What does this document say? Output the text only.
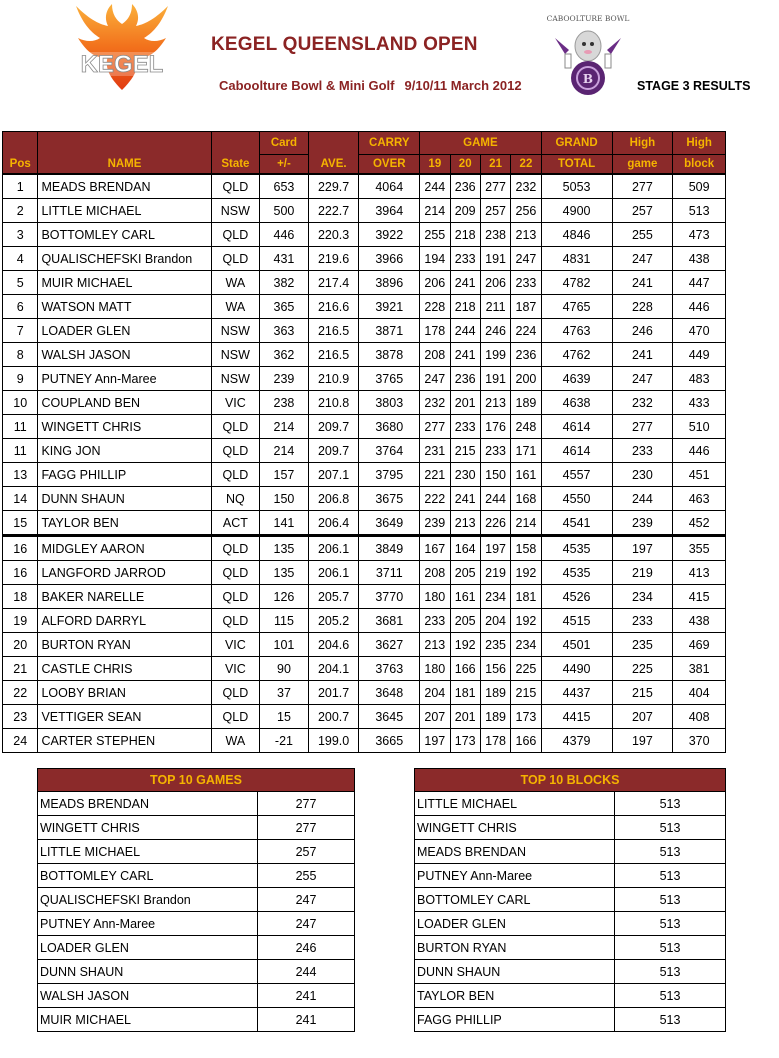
KEGEL
CABOOLTURE BOWL
B
KEGEL QUEENSLAND OPEN
Caboolture Bowl & Mini Golf 9/10/11 March 2012	STAGE 3 RESULTS
Pos	NAME	State	Card	AVE.	CARRY	GAME				GRAND	High	High
			+/-		OVER	19	20	21	22	TOTAL	game	block
1	MEADS BRENDAN	QLD	653	229.7	4064	244	236	277	232	5053	277	509
2	LITTLE MICHAEL	NSW	500	222.7	3964	214	209	257	256	4900	257	513
3	BOTTOMLEY CARL	QLD	446	220.3	3922	255	218	238	213	4846	255	473
4	QUALISCHEFSKI Brandon	QLD	431	219.6	3966	194	233	191	247	4831	247	438
5	MUIR MICHAEL	WA	382	217.4	3896	206	241	206	233	4782	241	447
6	WATSON MATT	WA	365	216.6	3921	228	218	211	187	4765	228	446
7	LOADER GLEN	NSW	363	216.5	3871	178	244	246	224	4763	246	470
8	WALSH JASON	NSW	362	216.5	3878	208	241	199	236	4762	241	449
9	PUTNEY Ann-Maree	NSW	239	210.9	3765	247	236	191	200	4639	247	483
10	COUPLAND BEN	VIC	238	210.8	3803	232	201	213	189	4638	232	433
11	WINGETT CHRIS	QLD	214	209.7	3680	277	233	176	248	4614	277	510
11	KING JON	QLD	214	209.7	3764	231	215	233	171	4614	233	446
13	FAGG PHILLIP	QLD	157	207.1	3795	221	230	150	161	4557	230	451
14	DUNN SHAUN	NQ	150	206.8	3675	222	241	244	168	4550	244	463
15	TAYLOR BEN	ACT	141	206.4	3649	239	213	226	214	4541	239	452
16	MIDGLEY AARON	QLD	135	206.1	3849	167	164	197	158	4535	197	355
16	LANGFORD JARROD	QLD	135	206.1	3711	208	205	219	192	4535	219	413
18	BAKER NARELLE	QLD	126	205.7	3770	180	161	234	181	4526	234	415
19	ALFORD DARRYL	QLD	115	205.2	3681	233	205	204	192	4515	233	438
20	BURTON RYAN	VIC	101	204.6	3627	213	192	235	234	4501	235	469
21	CASTLE CHRIS	VIC	90	204.1	3763	180	166	156	225	4490	225	381
22	LOOBY BRIAN	QLD	37	201.7	3648	204	181	189	215	4437	215	404
23	VETTIGER SEAN	QLD	15	200.7	3645	207	201	189	173	4415	207	408
24	CARTER STEPHEN	WA	-21	199.0	3665	197	173	178	166	4379	197	370
TOP 10 GAMES	
MEADS BRENDAN	277
WINGETT CHRIS	277
LITTLE MICHAEL	257
BOTTOMLEY CARL	255
QUALISCHEFSKI Brandon	247
PUTNEY Ann-Maree	247
LOADER GLEN	246
DUNN SHAUN	244
WALSH JASON	241
MUIR MICHAEL	241
TOP 10 BLOCKS	
LITTLE MICHAEL	513
WINGETT CHRIS	513
MEADS BRENDAN	513
PUTNEY Ann-Maree	513
BOTTOMLEY CARL	513
LOADER GLEN	513
BURTON RYAN	513
DUNN SHAUN	513
TAYLOR BEN	513
FAGG PHILLIP	513
